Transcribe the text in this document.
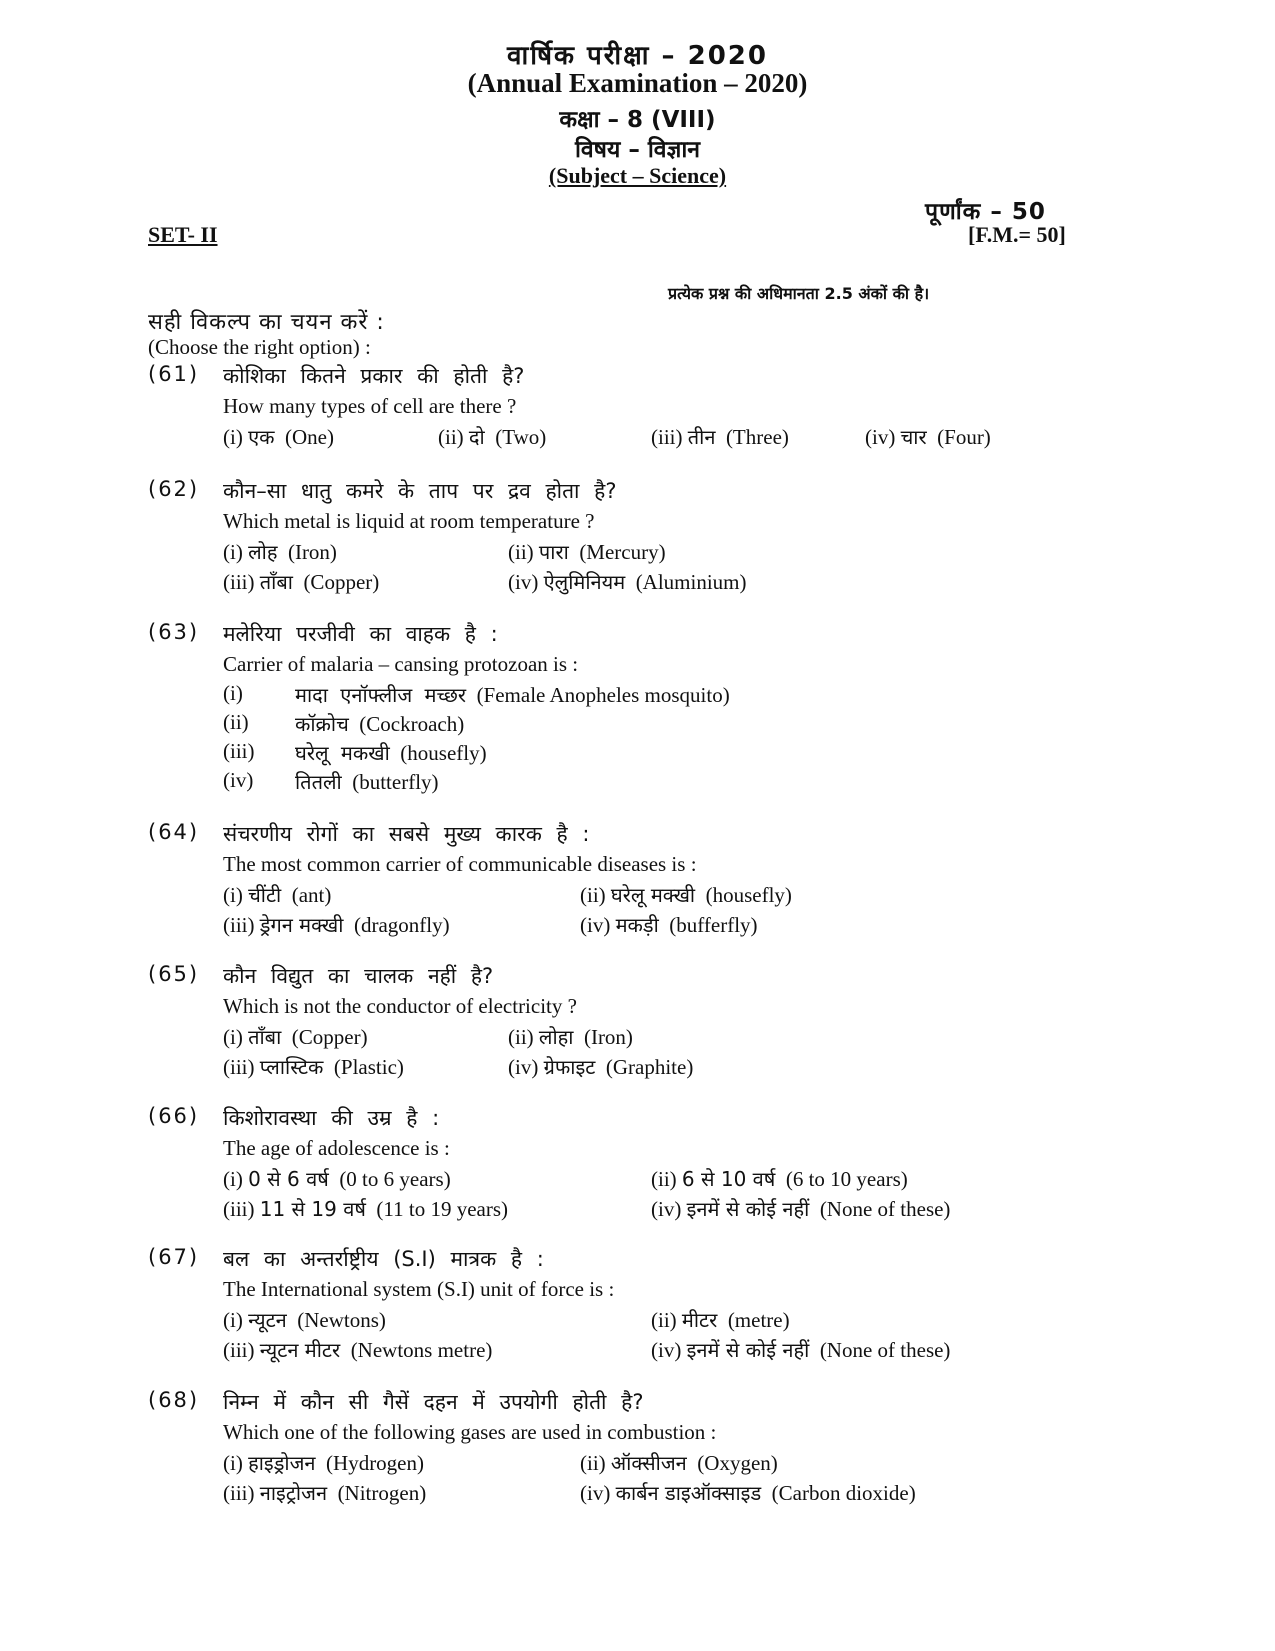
वार्षिक परीक्षा – 2020
(Annual Examination – 2020)
कक्षा – 8 (VIII)
विषय – विज्ञान
(Subject – Science)
पूर्णांक – 50
SET- II	[F.M.= 50]
प्रत्येक प्रश्न की अधिमानता 2.5 अंकों की है।
सही विकल्प का चयन करें :
(Choose the right option) :
(61) कोशिका कितने प्रकार की होती है?
How many types of cell are there ?
(i) एक (One)	(ii) दो (Two)	(iii) तीन (Three)	(iv) चार (Four)
(62) कौन–सा धातु कमरे के ताप पर द्रव होता है?
Which metal is liquid at room temperature ?
(i) लोह (Iron)	(ii) पारा (Mercury)
(iii) ताँबा (Copper)	(iv) ऐलुमिनियम (Aluminium)
(63) मलेरिया परजीवी का वाहक है :
Carrier of malaria – cansing protozoan is :
(i)	मादा एनॉफ्लीज मच्छर (Female Anopheles mosquito)
(ii) कॉक्रोच (Cockroach)
(iii) घरेलू मकखी (housefly)
(iv) तितली (butterfly)
(64) संचरणीय रोगों का सबसे मुख्य कारक है :
The most common carrier of communicable diseases is :
(i) चींटी (ant)	(ii) घरेलू मक्खी (housefly)
(iii) ड्रेगन मक्खी (dragonfly)	(iv) मकड़ी (bufferfly)
(65) कौन विद्युत का चालक नहीं है?
Which is not the conductor of electricity ?
(i) ताँबा (Copper)	(ii) लोहा (Iron)
(iii) प्लास्टिक (Plastic)	(iv) ग्रेफाइट (Graphite)
(66) किशोरावस्था की उम्र है :
The age of adolescence is :
(i) 0 से 6 वर्ष (0 to 6 years)	(ii) 6 से 10 वर्ष (6 to 10 years)
(iii) 11 से 19 वर्ष (11 to 19 years)	(iv) इनमें से कोई नहीं (None of these)
(67) बल का अन्तर्राष्ट्रीय (S.I) मात्रक है :
The International system (S.I) unit of force is :
(i) न्यूटन (Newtons)	(ii) मीटर (metre)
(iii) न्यूटन मीटर (Newtons metre)	(iv) इनमें से कोई नहीं (None of these)
(68) निम्न में कौन सी गैसें दहन में उपयोगी होती है?
Which one of the following gases are used in combustion :
(i) हाइड्रोजन (Hydrogen)	(ii) ऑक्सीजन (Oxygen)
(iii) नाइट्रोजन (Nitrogen)	(iv) कार्बन डाइऑक्साइड (Carbon dioxide)
